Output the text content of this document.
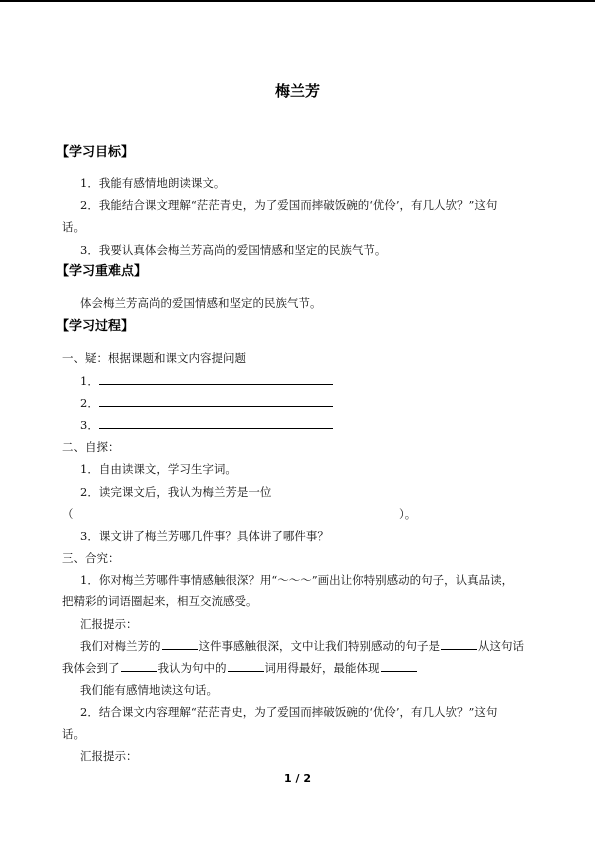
梅兰芳
【学习目标】
1．我能有感情地朗读课文。
2．我能结合课文理解“茫茫青史，为了爱国而摔破饭碗的‘优伶’，有几人欤？”这句
话。
3．我要认真体会梅兰芳高尚的爱国情感和坚定的民族气节。
【学习重难点】
体会梅兰芳高尚的爱国情感和坚定的民族气节。
【学习过程】
一、疑：根据课题和课文内容提问题
1．
2．
3．
二、自探：
1．自由读课文，学习生字词。
2．读完课文后，我认为梅兰芳是一位
（	）。
3．课文讲了梅兰芳哪几件事？具体讲了哪件事？
三、合究：
1．你对梅兰芳哪件事情感触很深？用“～～～”画出让你特别感动的句子，认真品读，
把精彩的词语圈起来，相互交流感受。
汇报提示：
我们对梅兰芳的	这件事感触很深，文中让我们特别感动的句子是	从这句话
我体会到了	我认为句中的	词用得最好，最能体现
我们能有感情地读这句话。
2．结合课文内容理解“茫茫青史，为了爱国而摔破饭碗的‘优伶’，有几人欤？”这句
话。
汇报提示：
1 / 2
